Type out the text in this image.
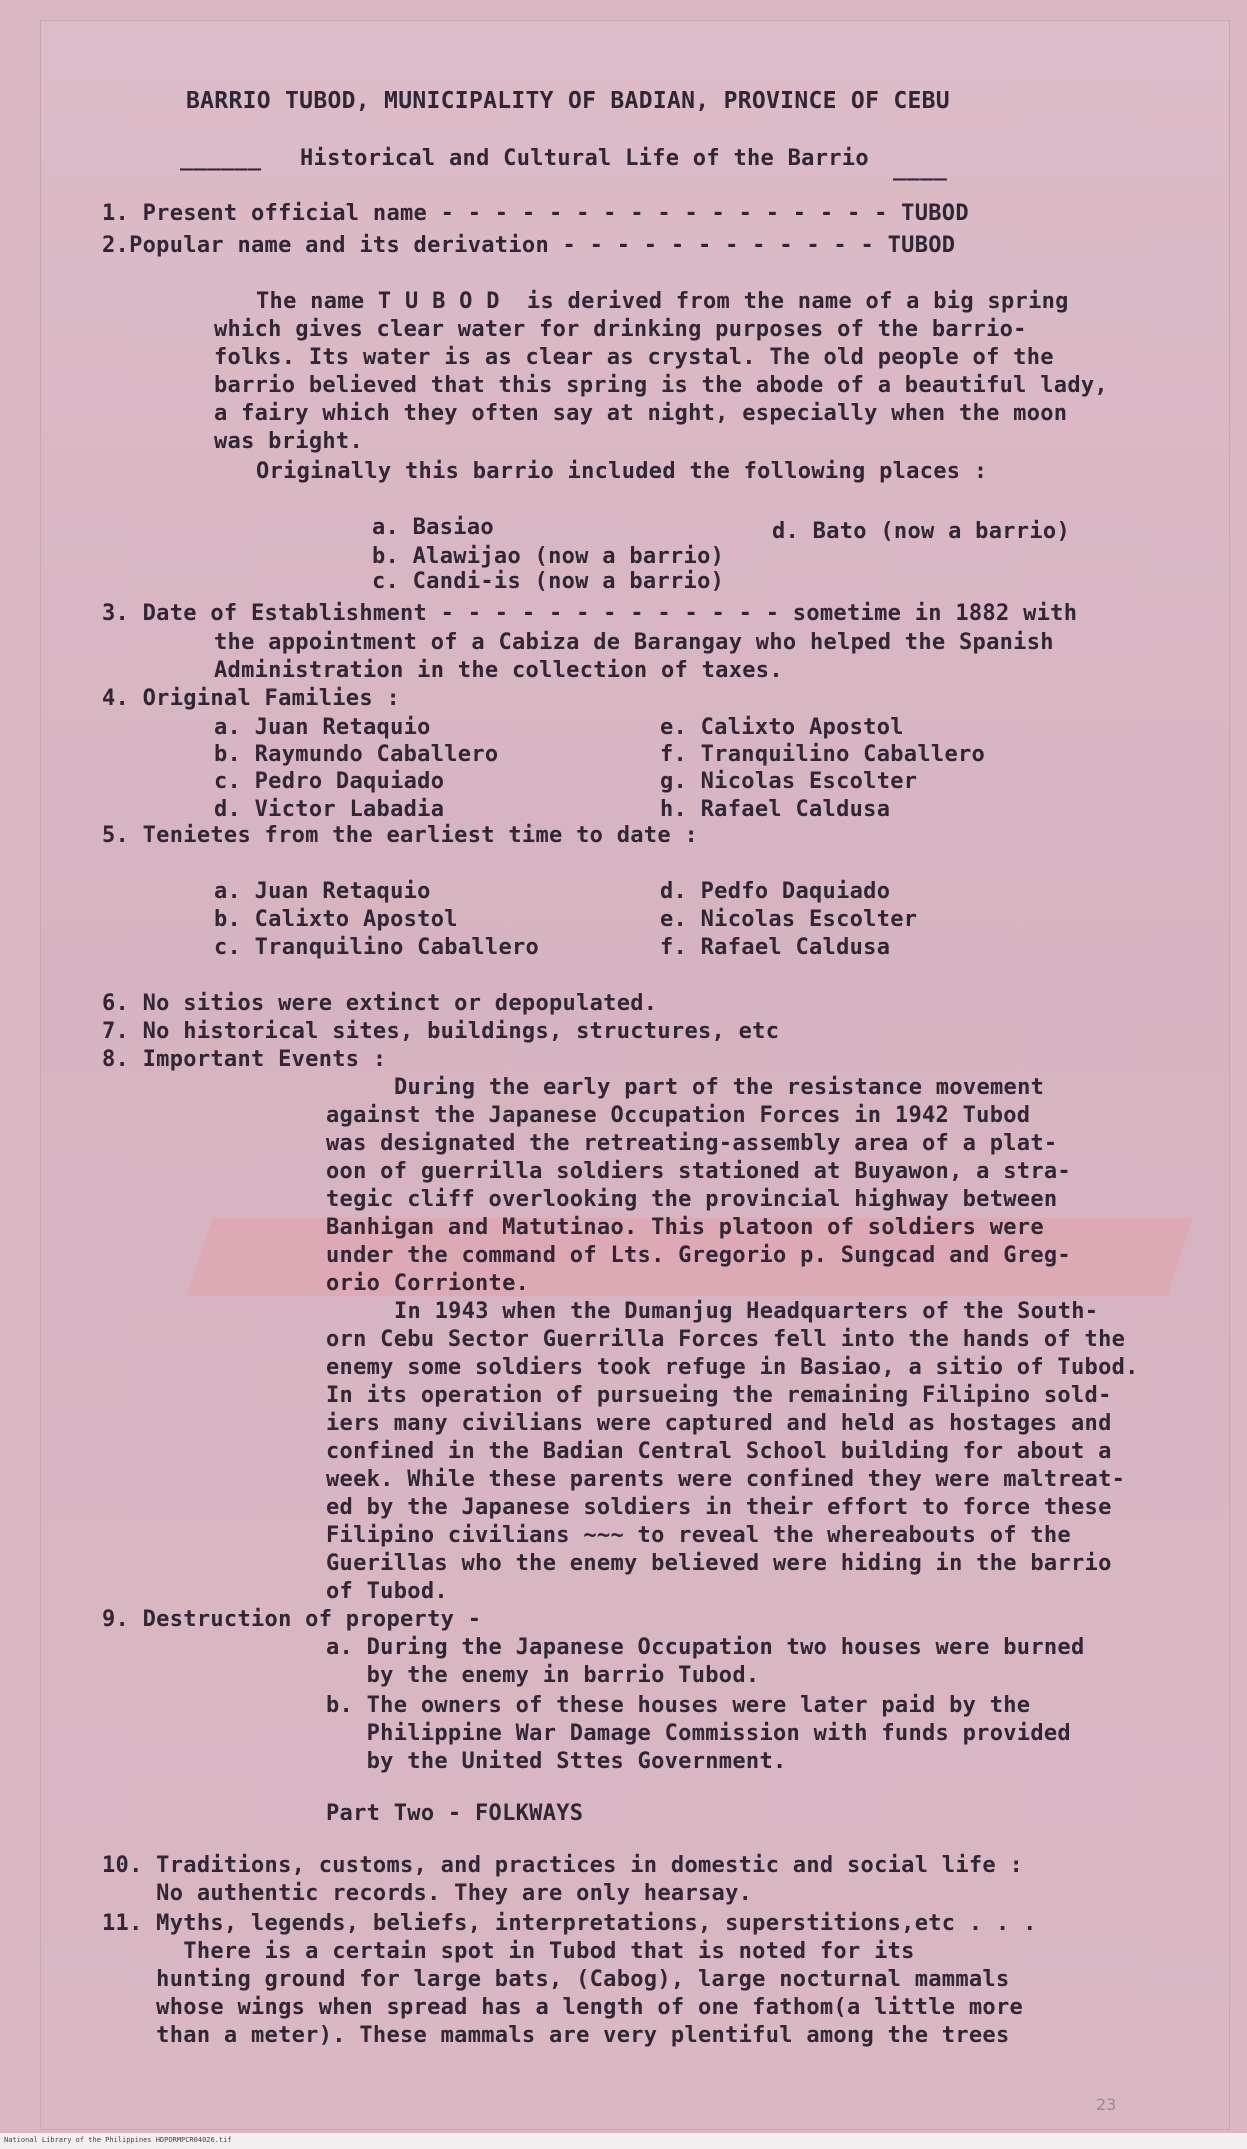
BARRIO TUBOD, MUNICIPALITY OF BADIAN, PROVINCE OF CEBU
______ Historical and Cultural Life of the Barrio ____
1. Present official name - - - - - - - - - - - - - - - - - TUBOD
2.Popular name and its derivation - - - - - - - - - - - - TUBOD
The name T U B O D  is derived from the name of a big spring
which gives clear water for drinking purposes of the barrio-
folks. Its water is as clear as crystal. The old people of the
barrio believed that this spring is the abode of a beautiful lady,
a fairy which they often say at night, especially when the moon
was bright.
Originally this barrio included the following places :
a. Basiao	d. Bato (now a barrio)
b. Alawijao (now a barrio)
c. Candi-is (now a barrio)
3. Date of Establishment - - - - - - - - - - - - - sometime in 1882 with
the appointment of a Cabiza de Barangay who helped the Spanish
Administration in the collection of taxes.
4. Original Families :
a. Juan Retaquio
b. Raymundo Caballero
c. Pedro Daquiado
d. Victor Labadia
e. Calixto Apostol
f. Tranquilino Caballero
g. Nicolas Escolter
h. Rafael Caldusa
5. Tenietes from the earliest time to date :
a. Juan Retaquio
b. Calixto Apostol
c. Tranquilino Caballero
d. Pedfo Daquiado
e. Nicolas Escolter
f. Rafael Caldusa
6. No sitios were extinct or depopulated.
7. No historical sites, buildings, structures, etc
8. Important Events :
During the early part of the resistance movement
against the Japanese Occupation Forces in 1942 Tubod
was designated the retreating-assembly area of a plat-
oon of guerrilla soldiers stationed at Buyawon, a stra-
tegic cliff overlooking the provincial highway between
Banhigan and Matutinao. This platoon of soldiers were
under the command of Lts. Gregorio p. Sungcad and Greg-
orio Corrionte.
In 1943 when the Dumanjug Headquarters of the South-
orn Cebu Sector Guerrilla Forces fell into the hands of the
enemy some soldiers took refuge in Basiao, a sitio of Tubod.
In its operation of pursueing the remaining Filipino sold-
iers many civilians were captured and held as hostages and
confined in the Badian Central School building for about a
week. While these parents were confined they were maltreat-
ed by the Japanese soldiers in their effort to force these
Filipino civilians ~~~ to reveal the whereabouts of the
Guerillas who the enemy believed were hiding in the barrio
of Tubod.
9. Destruction of property -
a. During the Japanese Occupation two houses were burned
by the enemy in barrio Tubod.
b. The owners of these houses were later paid by the
Philippine War Damage Commission with funds provided
by the United Sttes Government.
Part Two - FOLKWAYS
10. Traditions, customs, and practices in domestic and social life :
No authentic records. They are only hearsay.
11. Myths, legends, beliefs, interpretations, superstitions,etc . . .
There is a certain spot in Tubod that is noted for its
hunting ground for large bats, (Cabog), large nocturnal mammals
whose wings when spread has a length of one fathom(a little more
than a meter). These mammals are very plentiful among the trees
23
National Library of the Philippines HDPORMPCR04026.tif
